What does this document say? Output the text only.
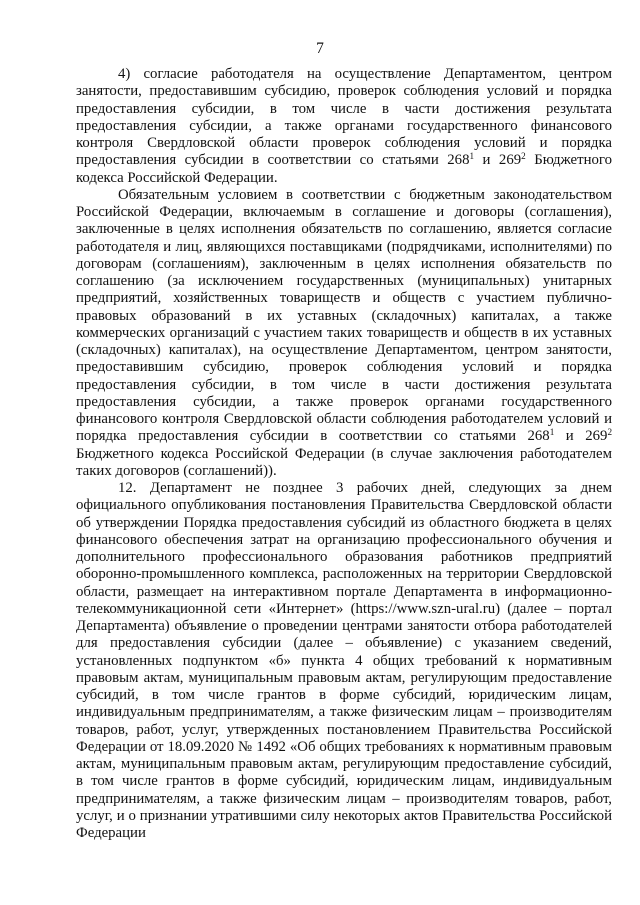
7

4) согласие работодателя на осуществление Департаментом, центром занятости, предоставившим субсидию, проверок соблюдения условий и порядка предоставления субсидии, в том числе в части достижения результата предоставления субсидии, а также органами государственного финансового контроля Свердловской области проверок соблюдения условий и порядка предоставления субсидии в соответствии со статьями $268^1$ и $269^2$ Бюджетного кодекса Российской Федерации.

Обязательным условием в соответствии с бюджетным законодательством Российской Федерации, включаемым в соглашение и договоры (соглашения), заключенные в целях исполнения обязательств по соглашению, является согласие работодателя и лиц, являющихся поставщиками (подрядчиками, исполнителями) по договорам (соглашениям), заключенным в целях исполнения обязательств по соглашению (за исключением государственных (муниципальных) унитарных предприятий, хозяйственных товариществ и обществ с участием публично-правовых образований в их уставных (складочных) капиталах, а также коммерческих организаций с участием таких товариществ и обществ в их уставных (складочных) капиталах), на осуществление Департаментом, центром занятости, предоставившим субсидию, проверок соблюдения условий и порядка предоставления субсидии, в том числе в части достижения результата предоставления субсидии, а также проверок органами государственного финансового контроля Свердловской области соблюдения работодателем условий и порядка предоставления субсидии в соответствии со статьями $268^1$ и $269^2$ Бюджетного кодекса Российской Федерации (в случае заключения работодателем таких договоров (соглашений)).

12. Департамент не позднее 3 рабочих дней, следующих за днем официального опубликования постановления Правительства Свердловской области об утверждении Порядка предоставления субсидий из областного бюджета в целях финансового обеспечения затрат на организацию профессионального обучения и дополнительного профессионального образования работников предприятий оборонно-промышленного комплекса, расположенных на территории Свердловской области, размещает на интерактивном портале Департамента в информационно-телекоммуникационной сети «Интернет» (https://www.szn-ural.ru) (далее – портал Департамента) объявление о проведении центрами занятости отбора работодателей для предоставления субсидии (далее – объявление) с указанием сведений, установленных подпунктом «б» пункта 4 общих требований к нормативным правовым актам, муниципальным правовым актам, регулирующим предоставление субсидий, в том числе грантов в форме субсидий, юридическим лицам, индивидуальным предпринимателям, а также физическим лицам – производителям товаров, работ, услуг, утвержденных постановлением Правительства Российской Федерации от 18.09.2020 № 1492 «Об общих требованиях к нормативным правовым актам, муниципальным правовым актам, регулирующим предоставление субсидий, в том числе грантов в форме субсидий, юридическим лицам, индивидуальным предпринимателям, а также физическим лицам – производителям товаров, работ, услуг, и о признании утратившими силу некоторых актов Правительства Российской Федерации
